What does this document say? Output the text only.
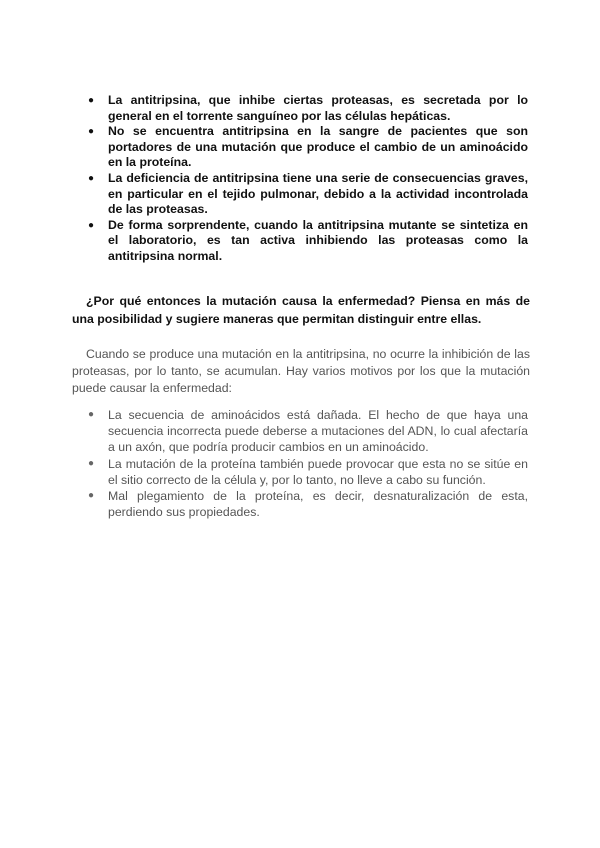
●	La antitripsina, que inhibe ciertas proteasas, es secretada por lo general en el torrente sanguíneo por las células hepáticas.
●	No se encuentra antitripsina en la sangre de pacientes que son portadores de una mutación que produce el cambio de un aminoácido en la proteína.
●	La deficiencia de antitripsina tiene una serie de consecuencias graves, en particular en el tejido pulmonar, debido a la actividad incontrolada de las proteasas.
●	De forma sorprendente, cuando la antitripsina mutante se sintetiza en el laboratorio, es tan activa inhibiendo las proteasas como la antitripsina normal.

¿Por qué entonces la mutación causa la enfermedad? Piensa en más de una posibilidad y sugiere maneras que permitan distinguir entre ellas.

Cuando se produce una mutación en la antitripsina, no ocurre la inhibición de las proteasas, por lo tanto, se acumulan. Hay varios motivos por los que la mutación puede causar la enfermedad:

●	La secuencia de aminoácidos está dañada. El hecho de que haya una secuencia incorrecta puede deberse a mutaciones del ADN, lo cual afectaría a un axón, que podría producir cambios en un aminoácido.
●	La mutación de la proteína también puede provocar que esta no se sitúe en el sitio correcto de la célula y, por lo tanto, no lleve a cabo su función.
●	Mal plegamiento de la proteína, es decir, desnaturalización de esta, perdiendo sus propiedades.
